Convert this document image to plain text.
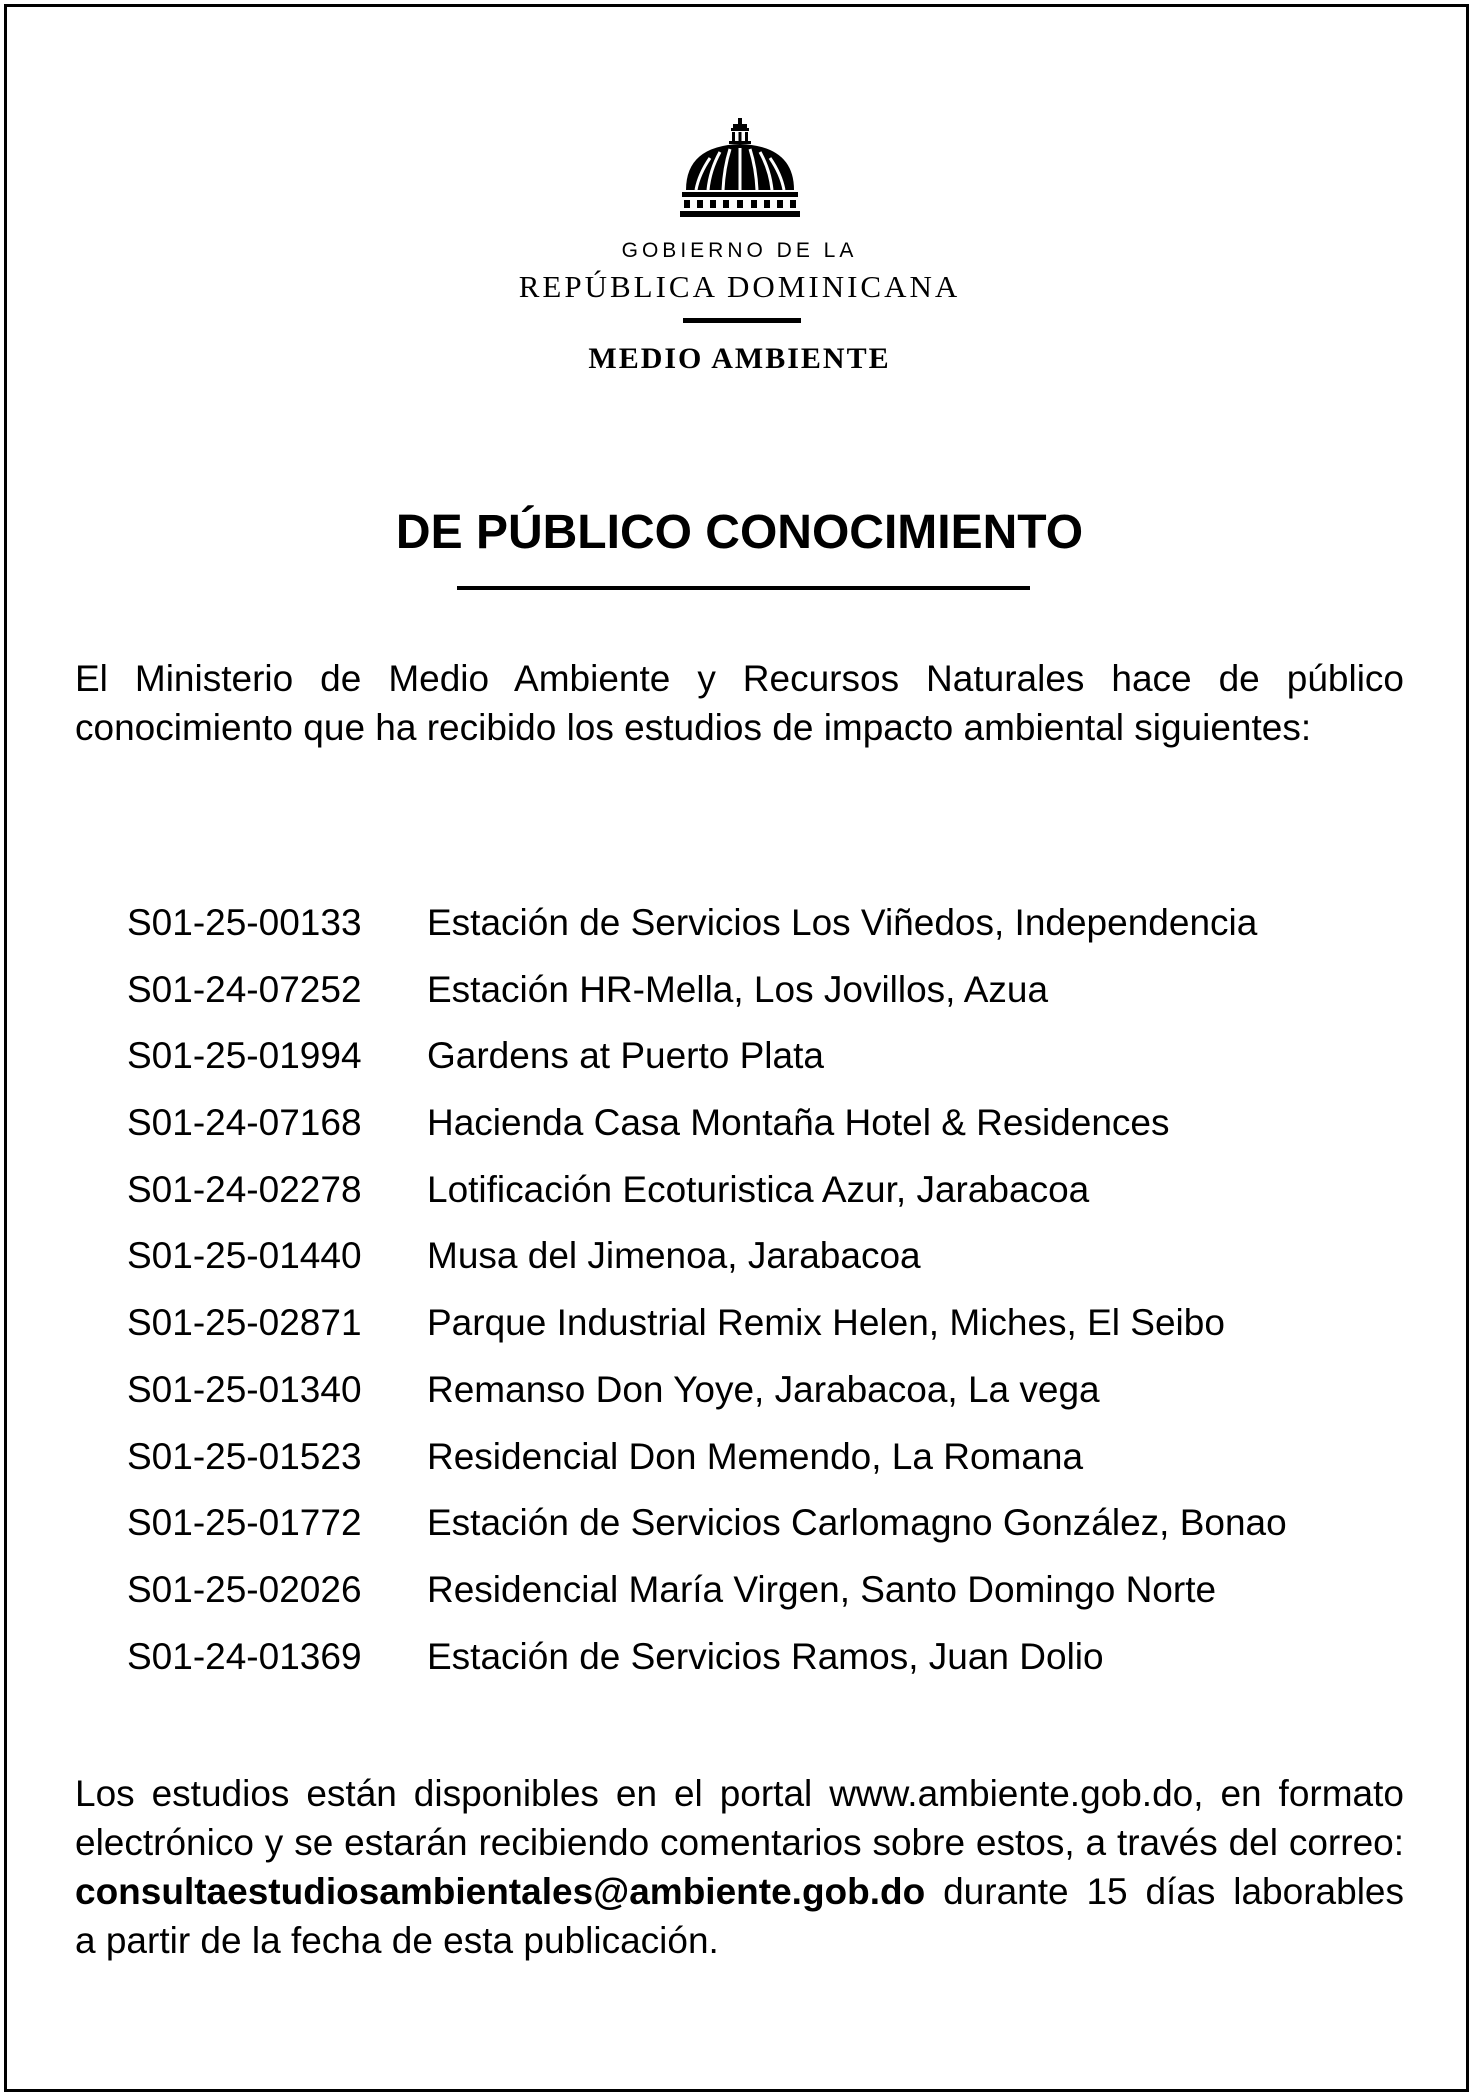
GOBIERNO DE LA
REPÚBLICA DOMINICANA
MEDIO AMBIENTE
DE PÚBLICO CONOCIMIENTO

El Ministerio de Medio Ambiente y Recursos Naturales hace de público conocimiento que ha recibido los estudios de impacto ambiental siguientes:

S01-25-00133 Estación de Servicios Los Viñedos, Independencia
S01-24-07252 Estación HR-Mella, Los Jovillos, Azua
S01-25-01994 Gardens at Puerto Plata
S01-24-07168 Hacienda Casa Montaña Hotel & Residences
S01-24-02278 Lotificación Ecoturistica Azur, Jarabacoa
S01-25-01440 Musa del Jimenoa, Jarabacoa
S01-25-02871 Parque Industrial Remix Helen, Miches, El Seibo
S01-25-01340 Remanso Don Yoye, Jarabacoa, La vega
S01-25-01523 Residencial Don Memendo, La Romana
S01-25-01772 Estación de Servicios Carlomagno González, Bonao
S01-25-02026 Residencial María Virgen, Santo Domingo Norte
S01-24-01369 Estación de Servicios Ramos, Juan Dolio

Los estudios están disponibles en el portal www.ambiente.gob.do, en formato electrónico y se estarán recibiendo comentarios sobre estos, a través del correo: consultaestudiosambientales@ambiente.gob.do durante 15 días laborables a partir de la fecha de esta publicación.
